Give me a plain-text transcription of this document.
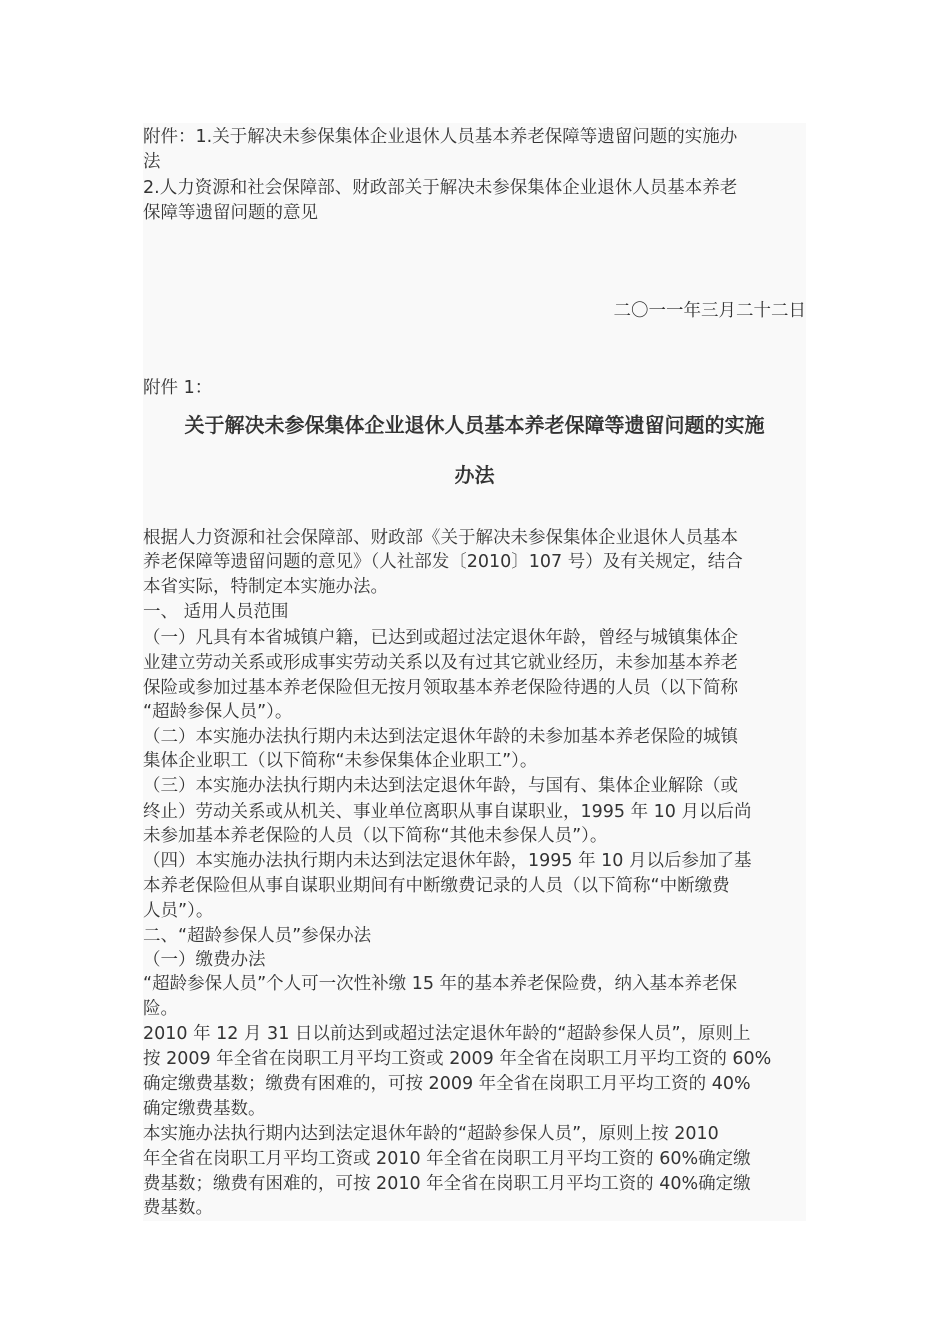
附件：1.关于解决未参保集体企业退休人员基本养老保障等遗留问题的实施办
法
2.人力资源和社会保障部、财政部关于解决未参保集体企业退休人员基本养老
保障等遗留问题的意见
二〇一一年三月二十二日
附件 1：
关于解决未参保集体企业退休人员基本养老保障等遗留问题的实施
办法
根据人力资源和社会保障部、财政部《关于解决未参保集体企业退休人员基本
养老保障等遗留问题的意见》（人社部发〔2010〕107 号）及有关规定，结合
本省实际，特制定本实施办法。
一、 适用人员范围
（一）凡具有本省城镇户籍，已达到或超过法定退休年龄，曾经与城镇集体企
业建立劳动关系或形成事实劳动关系以及有过其它就业经历，未参加基本养老
保险或参加过基本养老保险但无按月领取基本养老保险待遇的人员（以下简称
“超龄参保人员”）。
（二）本实施办法执行期内未达到法定退休年龄的未参加基本养老保险的城镇
集体企业职工（以下简称“未参保集体企业职工”）。
（三）本实施办法执行期内未达到法定退休年龄，与国有、集体企业解除（或
终止）劳动关系或从机关、事业单位离职从事自谋职业，1995 年 10 月以后尚
未参加基本养老保险的人员（以下简称“其他未参保人员”）。
（四）本实施办法执行期内未达到法定退休年龄，1995 年 10 月以后参加了基
本养老保险但从事自谋职业期间有中断缴费记录的人员（以下简称“中断缴费
人员”）。
二、“超龄参保人员”参保办法
（一）缴费办法
“超龄参保人员”个人可一次性补缴 15 年的基本养老保险费，纳入基本养老保
险。
2010 年 12 月 31 日以前达到或超过法定退休年龄的“超龄参保人员”，原则上
按 2009 年全省在岗职工月平均工资或 2009 年全省在岗职工月平均工资的 60%
确定缴费基数；缴费有困难的，可按 2009 年全省在岗职工月平均工资的 40%
确定缴费基数。
本实施办法执行期内达到法定退休年龄的“超龄参保人员”，原则上按 2010
年全省在岗职工月平均工资或 2010 年全省在岗职工月平均工资的 60%确定缴
费基数；缴费有困难的，可按 2010 年全省在岗职工月平均工资的 40%确定缴
费基数。
